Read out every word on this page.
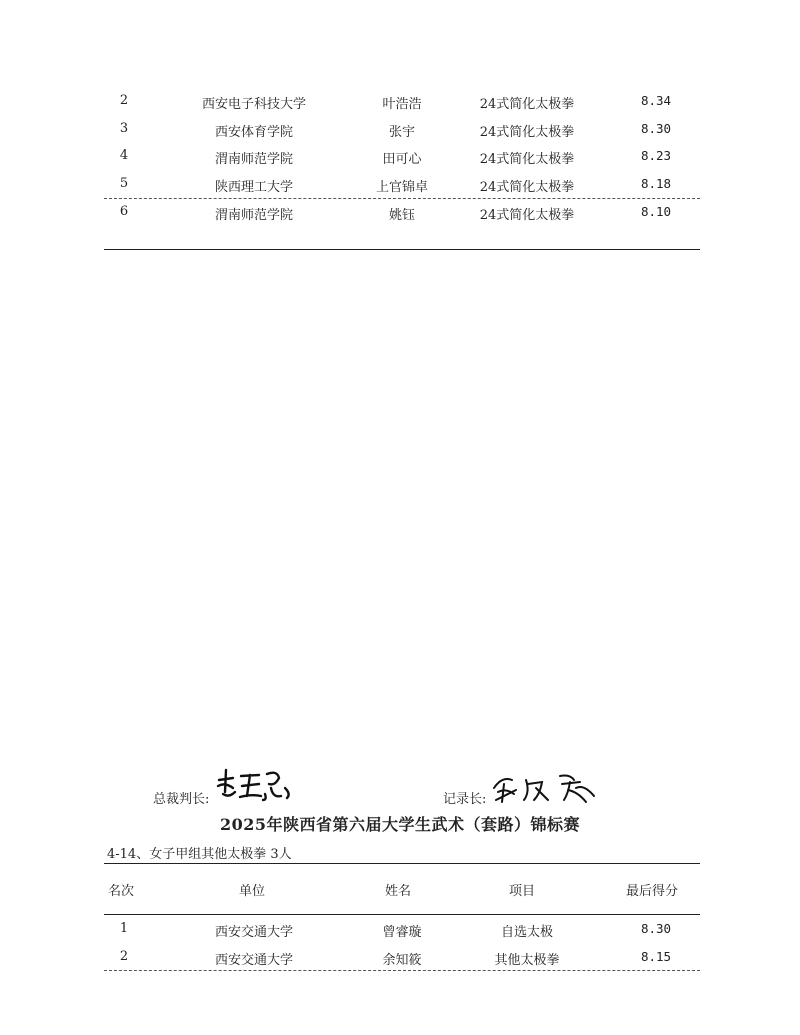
2	西安电子科技大学	叶浩浩	24式简化太极拳	8.34
3	西安体育学院	张宇	24式简化太极拳	8.30
4	渭南师范学院	田可心	24式简化太极拳	8.23
5	陕西理工大学	上官锦卓	24式简化太极拳	8.18
6	渭南师范学院	姚钰	24式简化太极拳	8.10
总裁判长:	记录长:
2025年陕西省第六届大学生武术（套路）锦标赛
4-14、女子甲组其他太极拳 3人
名次	单位	姓名	项目	最后得分
1	西安交通大学	曾睿璇	自选太极	8.30
2	西安交通大学	余知筱	其他太极拳	8.15
